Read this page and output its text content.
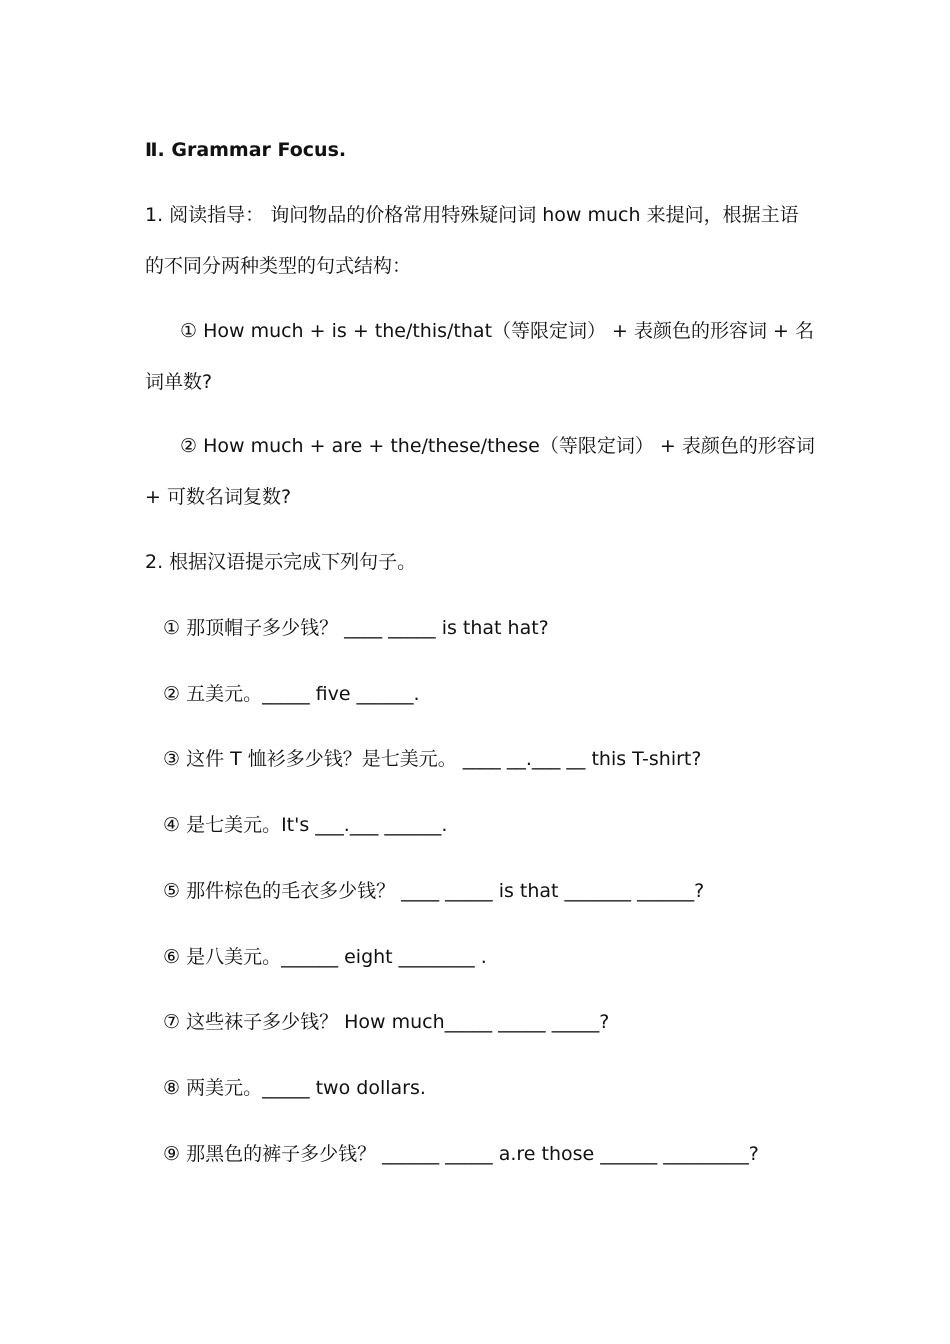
Ⅱ. Grammar Focus.
1. 阅读指导： 询问物品的价格常用特殊疑问词 how much 来提问，根据主语
的不同分两种类型的句式结构：
① How much + is + the/this/that（等限定词） + 表颜色的形容词 + 名
词单数?
② How much + are + the/these/these（等限定词） + 表颜色的形容词
+ 可数名词复数?
2. 根据汉语提示完成下列句子。
① 那顶帽子多少钱？ ____ _____ is that hat?
② 五美元。_____ five ______.
③ 这件 T 恤衫多少钱？是七美元。 ____ __.___ __ this T-shirt?
④ 是七美元。It's ___.___ ______.
⑤ 那件棕色的毛衣多少钱？ ____ _____ is that _______ ______?
⑥ 是八美元。______ eight ________ .
⑦ 这些袜子多少钱？ How much_____ _____ _____?
⑧ 两美元。_____ two dollars.
⑨ 那黑色的裤子多少钱？ ______ _____ a.re those ______ _________?
